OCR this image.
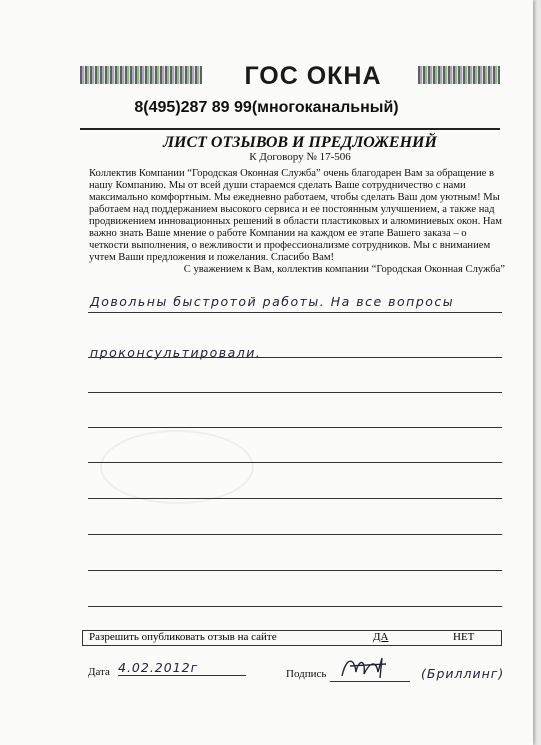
ГОС ОКНА
8(495)287 89 99(многоканальный)
ЛИСТ ОТЗЫВОВ И ПРЕДЛОЖЕНИЙ
К Договору № 17-506

Коллектив Компании “Городская Оконная Служба” очень благодарен Вам за обращение в нашу Компанию. Мы от всей души стараемся сделать Ваше сотрудничество с нами максимально комфортным. Мы ежедневно работаем, чтобы сделать Ваш дом уютным! Мы работаем над поддержанием высокого сервиса и ее постоянным улучшением, а также над продвижением инновационных решений в области пластиковых и алюминиевых окон. Нам важно знать Ваше мнение о работе Компании на каждом ее этапе Вашего заказа – о четкости выполнения, о вежливости и профессионализме сотрудников. Мы с вниманием учтем Ваши предложения и пожелания. Спасибо Вам!

С уважением к Вам, коллектив компании “Городская Оконная Служба”

Довольны быстротой работы. На все вопросы
проконсультировали.
Разрешить опубликовать отзыв на сайте	ДА	НЕТ
Дата 4.02.2012г	Подпись	(Бриллинг)
